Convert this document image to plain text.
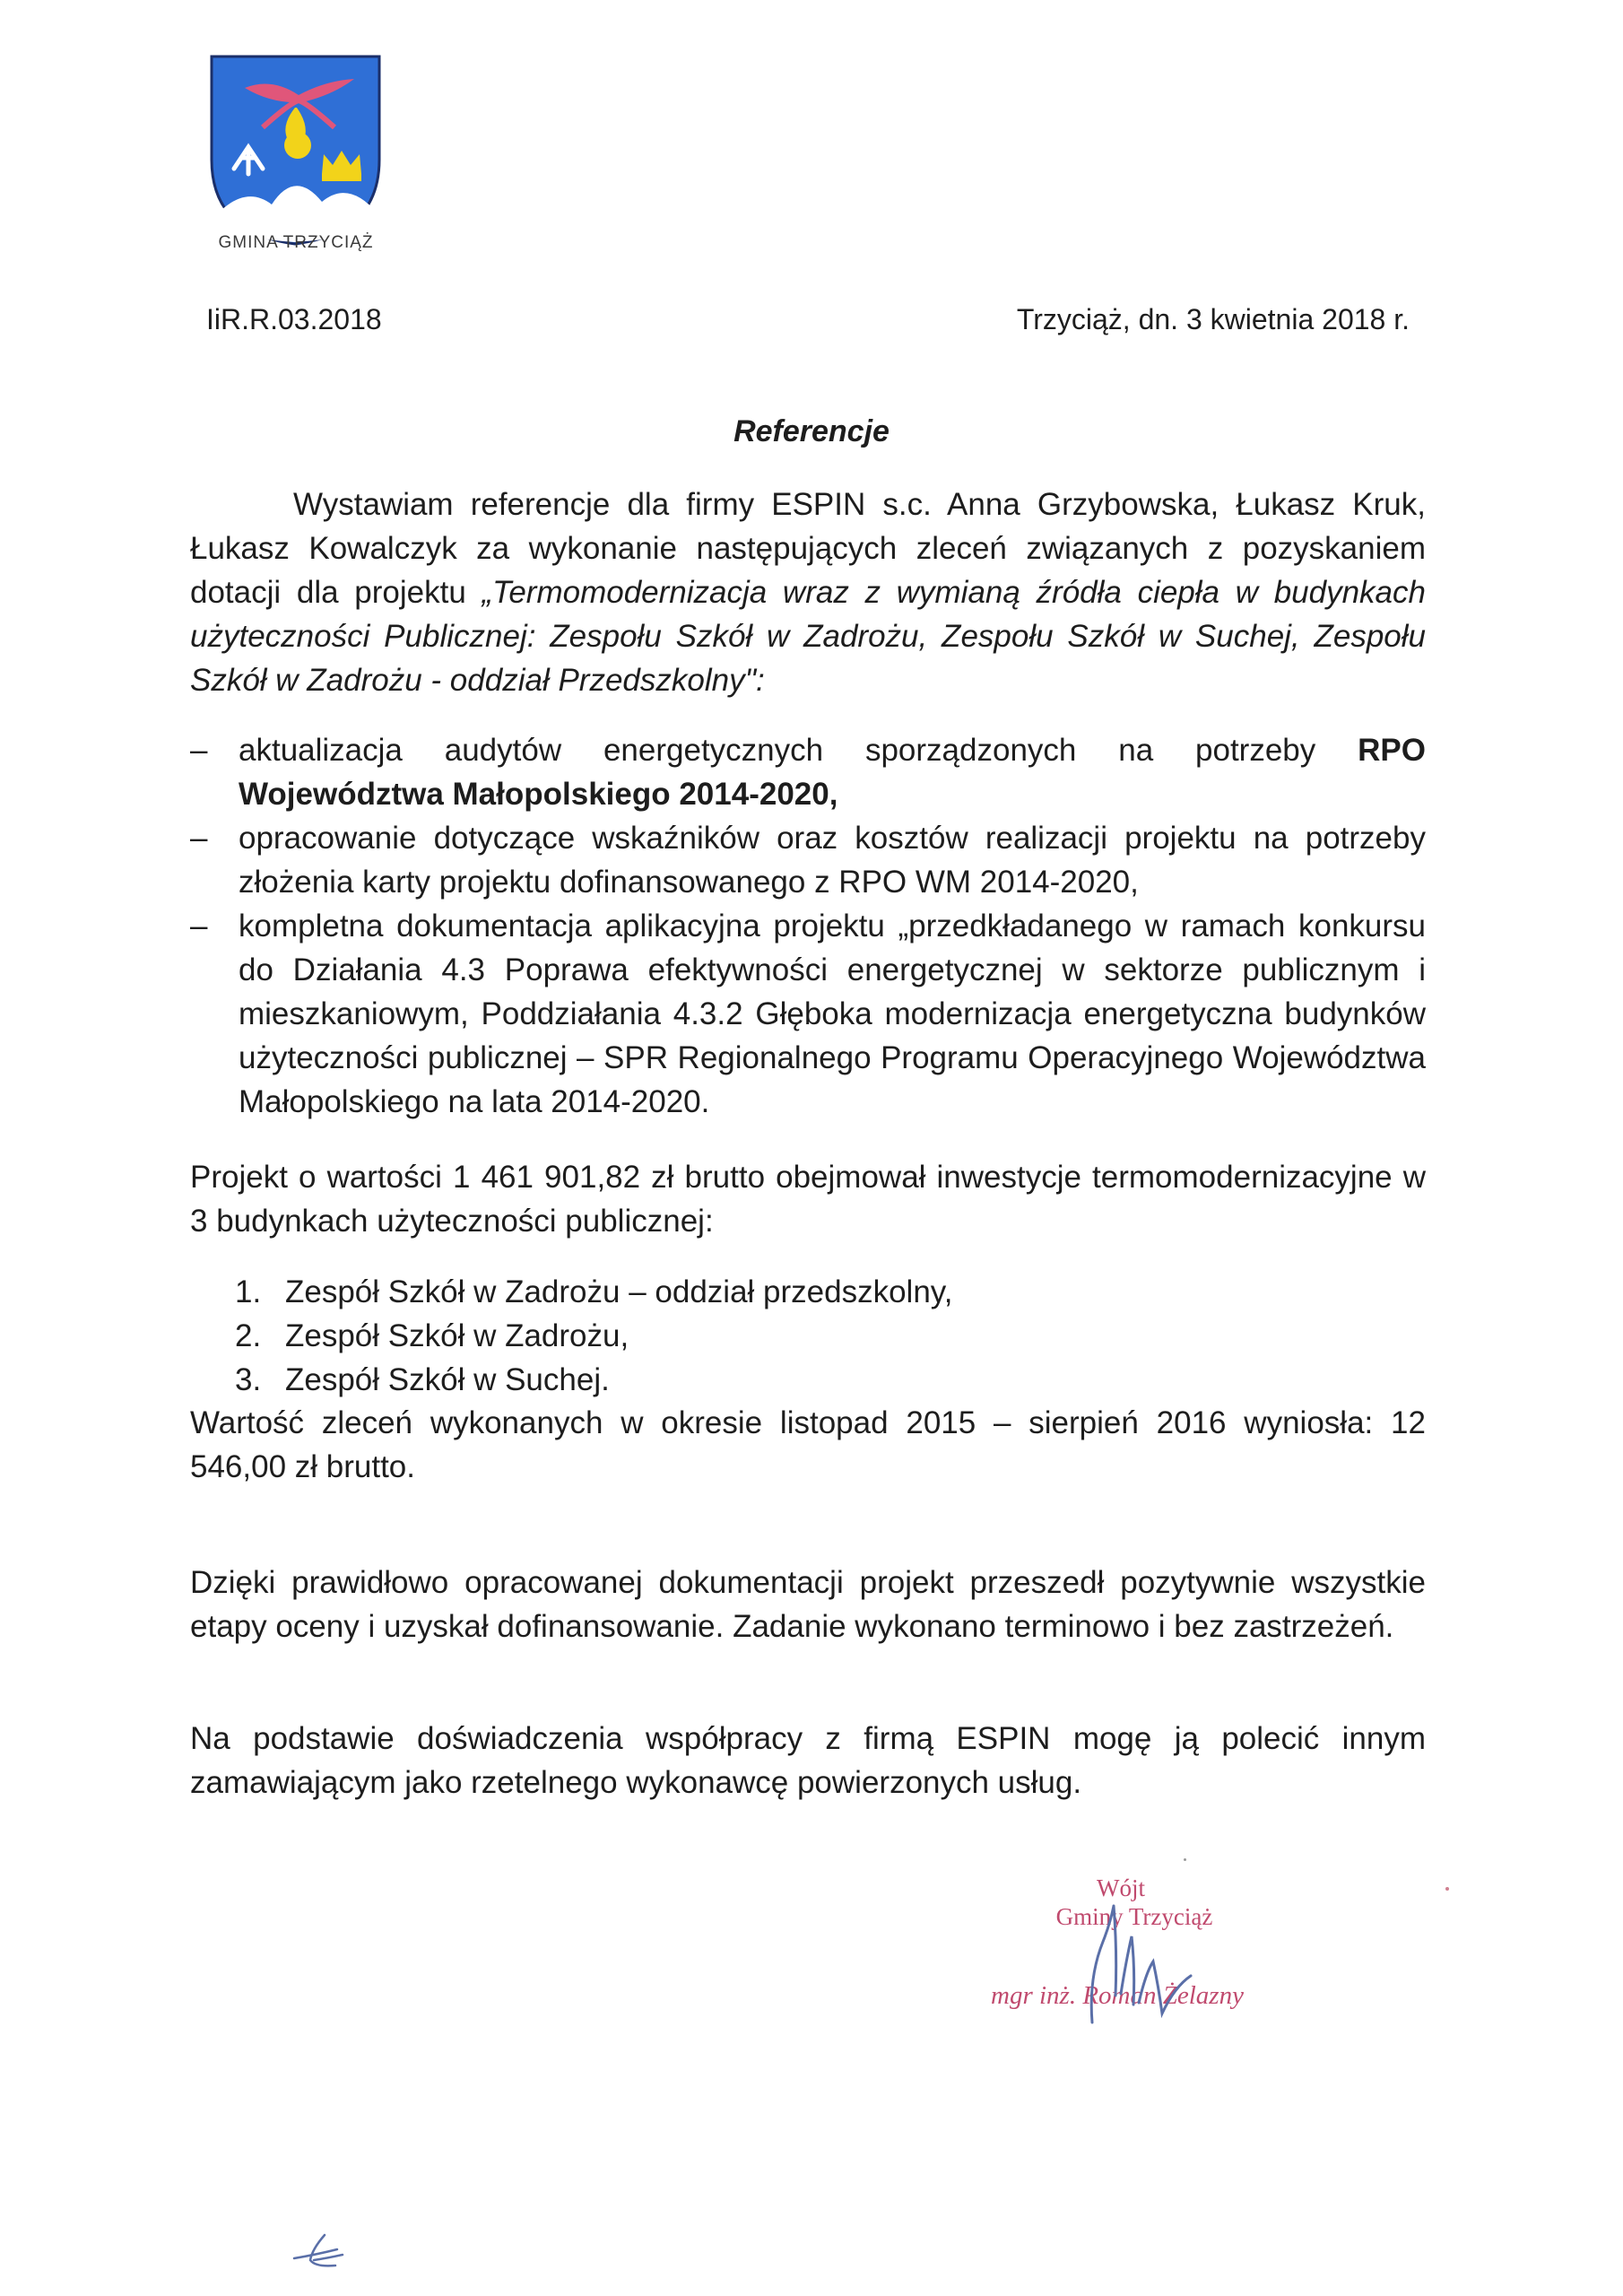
GMINA TRZYCIĄŻ
IiR.R.03.2018	Trzyciąż, dn. 3 kwietnia 2018 r.
Referencje
Wystawiam referencje dla firmy ESPIN s.c. Anna Grzybowska, Łukasz Kruk, Łukasz Kowalczyk za wykonanie następujących zleceń związanych z pozyskaniem dotacji dla projektu „Termomodernizacja wraz z wymianą źródła ciepła w budynkach użyteczności Publicznej: Zespołu Szkół w Zadrożu, Zespołu Szkół w Suchej, Zespołu Szkół w Zadrożu - oddział Przedszkolny":
– aktualizacja audytów energetycznych sporządzonych na potrzeby RPO Województwa Małopolskiego 2014-2020,
– opracowanie dotyczące wskaźników oraz kosztów realizacji projektu na potrzeby złożenia karty projektu dofinansowanego z RPO WM 2014-2020,
– kompletna dokumentacja aplikacyjna projektu „przedkładanego w ramach konkursu do Działania 4.3 Poprawa efektywności energetycznej w sektorze publicznym i mieszkaniowym, Poddziałania 4.3.2 Głęboka modernizacja energetyczna budynków użyteczności publicznej – SPR Regionalnego Programu Operacyjnego Województwa Małopolskiego na lata 2014-2020.
Projekt o wartości 1 461 901,82 zł brutto obejmował inwestycje termomodernizacyjne w 3 budynkach użyteczności publicznej:
1. Zespół Szkół w Zadrożu – oddział przedszkolny,
2. Zespół Szkół w Zadrożu,
3. Zespół Szkół w Suchej.
Wartość zleceń wykonanych w okresie listopad 2015 – sierpień 2016 wyniosła: 12 546,00 zł brutto.
Dzięki prawidłowo opracowanej dokumentacji projekt przeszedł pozytywnie wszystkie etapy oceny i uzyskał dofinansowanie. Zadanie wykonano terminowo i bez zastrzeżeń.
Na podstawie doświadczenia współpracy z firmą ESPIN mogę ją polecić innym zamawiającym jako rzetelnego wykonawcę powierzonych usług.
Wójt
Gminy Trzyciąż
mgr inż. Roman Żelazny
